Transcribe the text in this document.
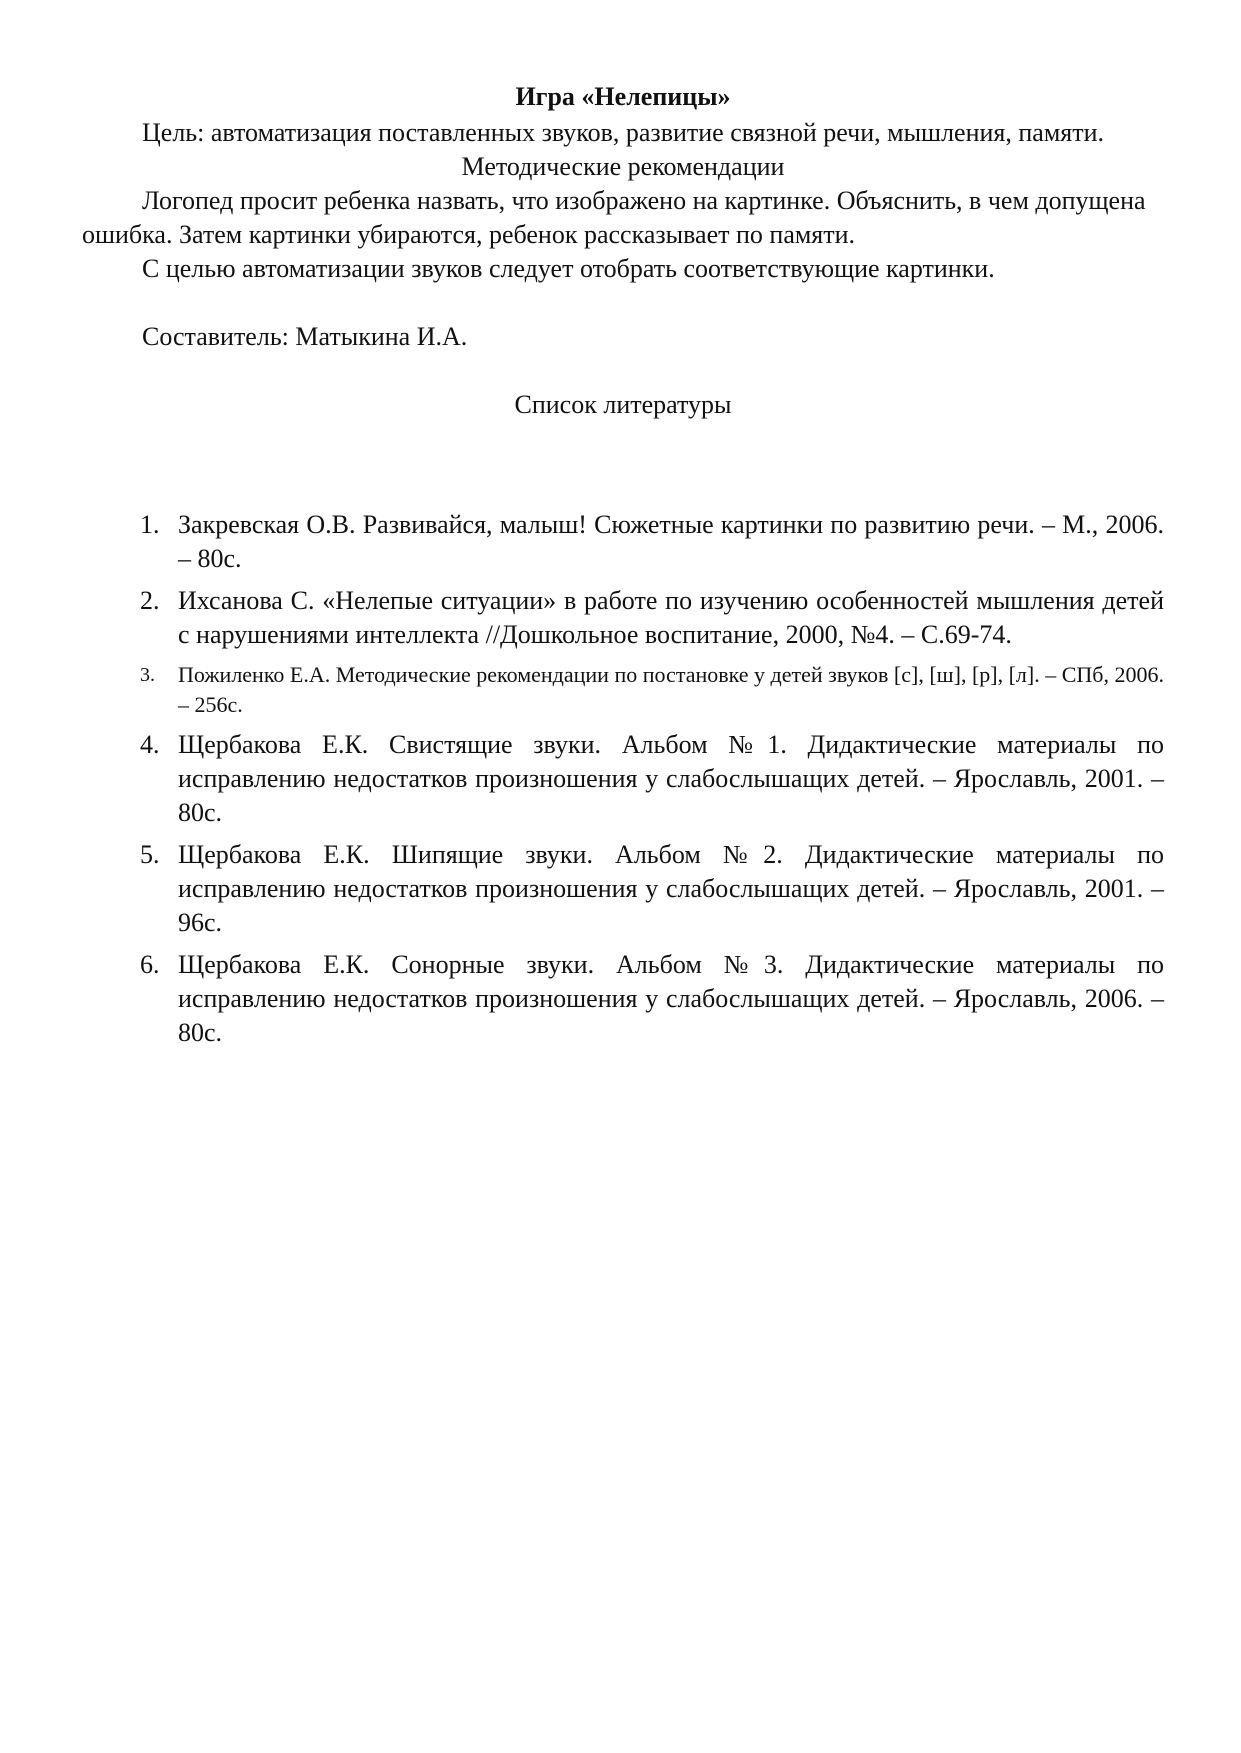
Игра «Нелепицы»

Цель: автоматизация поставленных звуков, развитие связной речи, мышления, памяти.

Методические рекомендации

Логопед просит ребенка назвать, что изображено на картинке. Объяснить, в чем допущена ошибка. Затем картинки убираются, ребенок рассказывает по памяти.

С целью автоматизации звуков следует отобрать соответствующие картинки.

Составитель: Матыкина И.А.

Список литературы

1. Закревская О.В. Развивайся, малыш! Сюжетные картинки по развитию речи. – М., 2006. – 80с.
2. Ихсанова С. «Нелепые ситуации» в работе по изучению особенностей мышления детей с нарушениями интеллекта //Дошкольное воспитание, 2000, №4. – С.69-74.
3. Пожиленко Е.А. Методические рекомендации по постановке у детей звуков [с], [ш], [р], [л]. – СПб, 2006. – 256с.
4. Щербакова Е.К. Свистящие звуки. Альбом №1. Дидактические материалы по исправлению недостатков произношения у слабослышащих детей. – Ярославль, 2001. – 80с.
5. Щербакова Е.К. Шипящие звуки. Альбом №2. Дидактические материалы по исправлению недостатков произношения у слабослышащих детей. – Ярославль, 2001. – 96с.
6. Щербакова Е.К. Сонорные звуки. Альбом №3. Дидактические материалы по исправлению недостатков произношения у слабослышащих детей. – Ярославль, 2006. – 80с.
